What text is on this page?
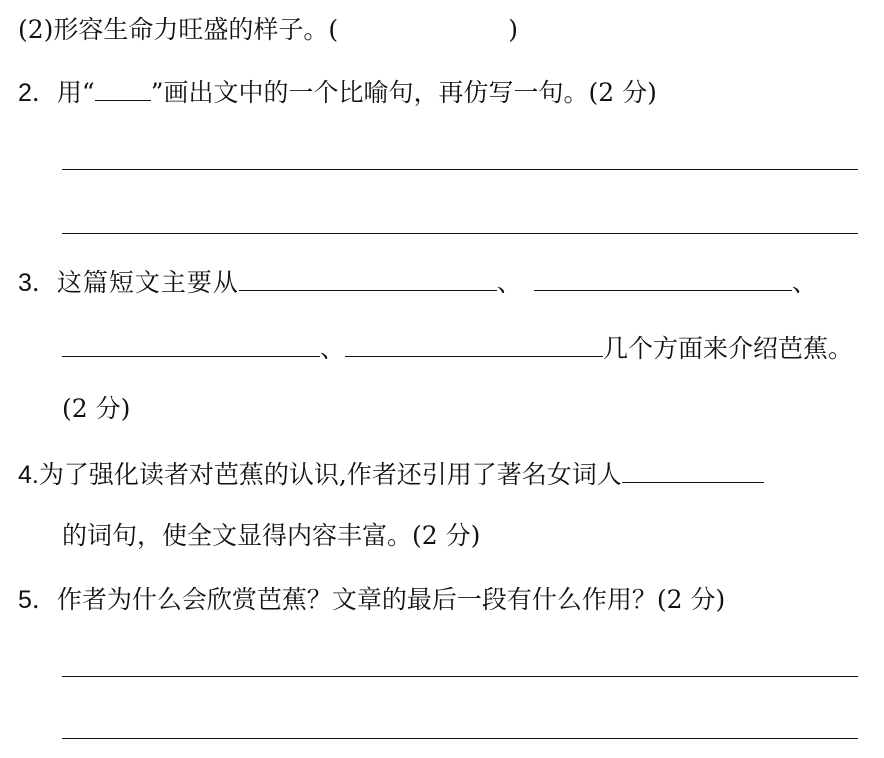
(2)形容生命力旺盛的样子。(	)
2．用“ ”画出文中的一个比喻句，再仿写一句。(2 分)
3．这篇短文主要从	、	、
、	几个方面来介绍芭蕉。
(2 分)
4.为了强化读者对芭蕉的认识,作者还引用了著名女词人
的词句，使全文显得内容丰富。(2 分)
5．作者为什么会欣赏芭蕉？文章的最后一段有什么作用？(2 分)
